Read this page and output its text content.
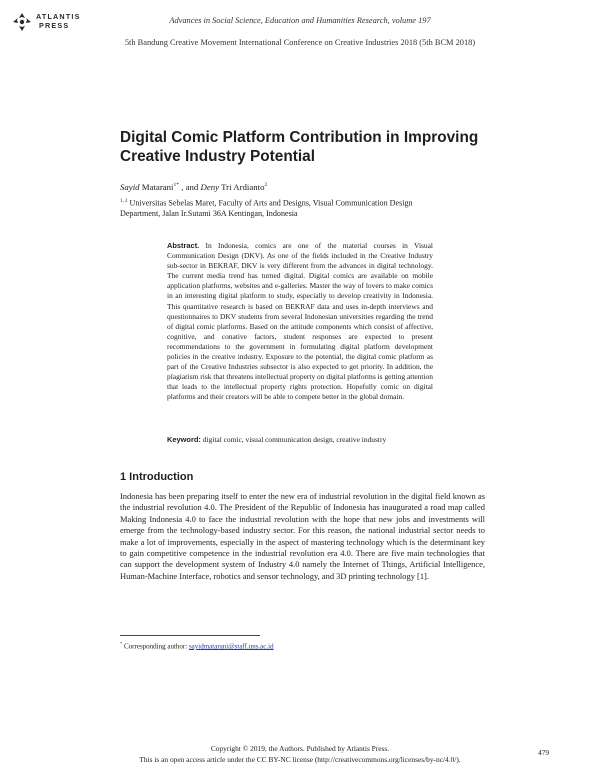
ATLANTIS
PRESS
Advances in Social Science, Education and Humanities Research, volume 197
5th Bandung Creative Movement International Conference on Creative Industries 2018 (5th BCM 2018)
Digital Comic Platform Contribution in Improving Creative Industry Potential
Sayid Matarani$^{1*}$ , and Deny Tri Ardianto$^2$
$^{1, 2}$ Universitas Sebelas Maret, Faculty of Arts and Designs, Visual Communication Design Department, Jalan Ir.Sutami 36A Kentingan, Indonesia
Abstract. In Indonesia, comics are one of the material courses in Visual Communication Design (DKV). As one of the fields included in the Creative Industry sub-sector in BEKRAF, DKV is very different from the advances in digital technology. The current media trend has turned digital. Digital comics are available on mobile application platforms, websites and e-galleries. Master the way of lovers to make comics in an interesting digital platform to study, especially to develop creativity in Indonesia. This quantitative research is based on BEKRAF data and uses in-depth interviews and questionnaires to DKV students from several Indonesian universities regarding the trend of digital comic platforms. Based on the attitude components which consist of affective, cognitive, and conative factors, student responses are expected to present recommendations to the government in formulating digital platform development policies in the creative industry. Exposure to the potential, the digital comic platform as part of the Creative Industries subsector is also expected to get priority. In addition, the plagiarism risk that threatens intellectual property on digital platforms is getting attention that leads to the intellectual property rights protection. Hopefully comic on digital platforms and their creators will be able to compete better in the global domain.
Keyword: digital comic, visual communication design, creative industry
1 Introduction
Indonesia has been preparing itself to enter the new era of industrial revolution in the digital field known as the industrial revolution 4.0. The President of the Republic of Indonesia has inaugurated a road map called Making Indonesia 4.0 to face the industrial revolution with the hope that new jobs and investments will emerge from the technology-based industry sector. For this reason, the national industrial sector needs to make a lot of improvements, especially in the aspect of mastering technology which is the determinant key to gain competitive competence in the industrial revolution era 4.0. There are five main technologies that can support the development system of Industry 4.0 namely the Internet of Things, Artificial Intelligence, Human-Machine Interface, robotics and sensor technology, and 3D printing technology [1].
* Corresponding author: sayidmatarani@staff.uns.ac.id
Copyright © 2019, the Authors. Published by Atlantis Press.
This is an open access article under the CC BY-NC license (http://creativecommons.org/licenses/by-nc/4.0/).
479
